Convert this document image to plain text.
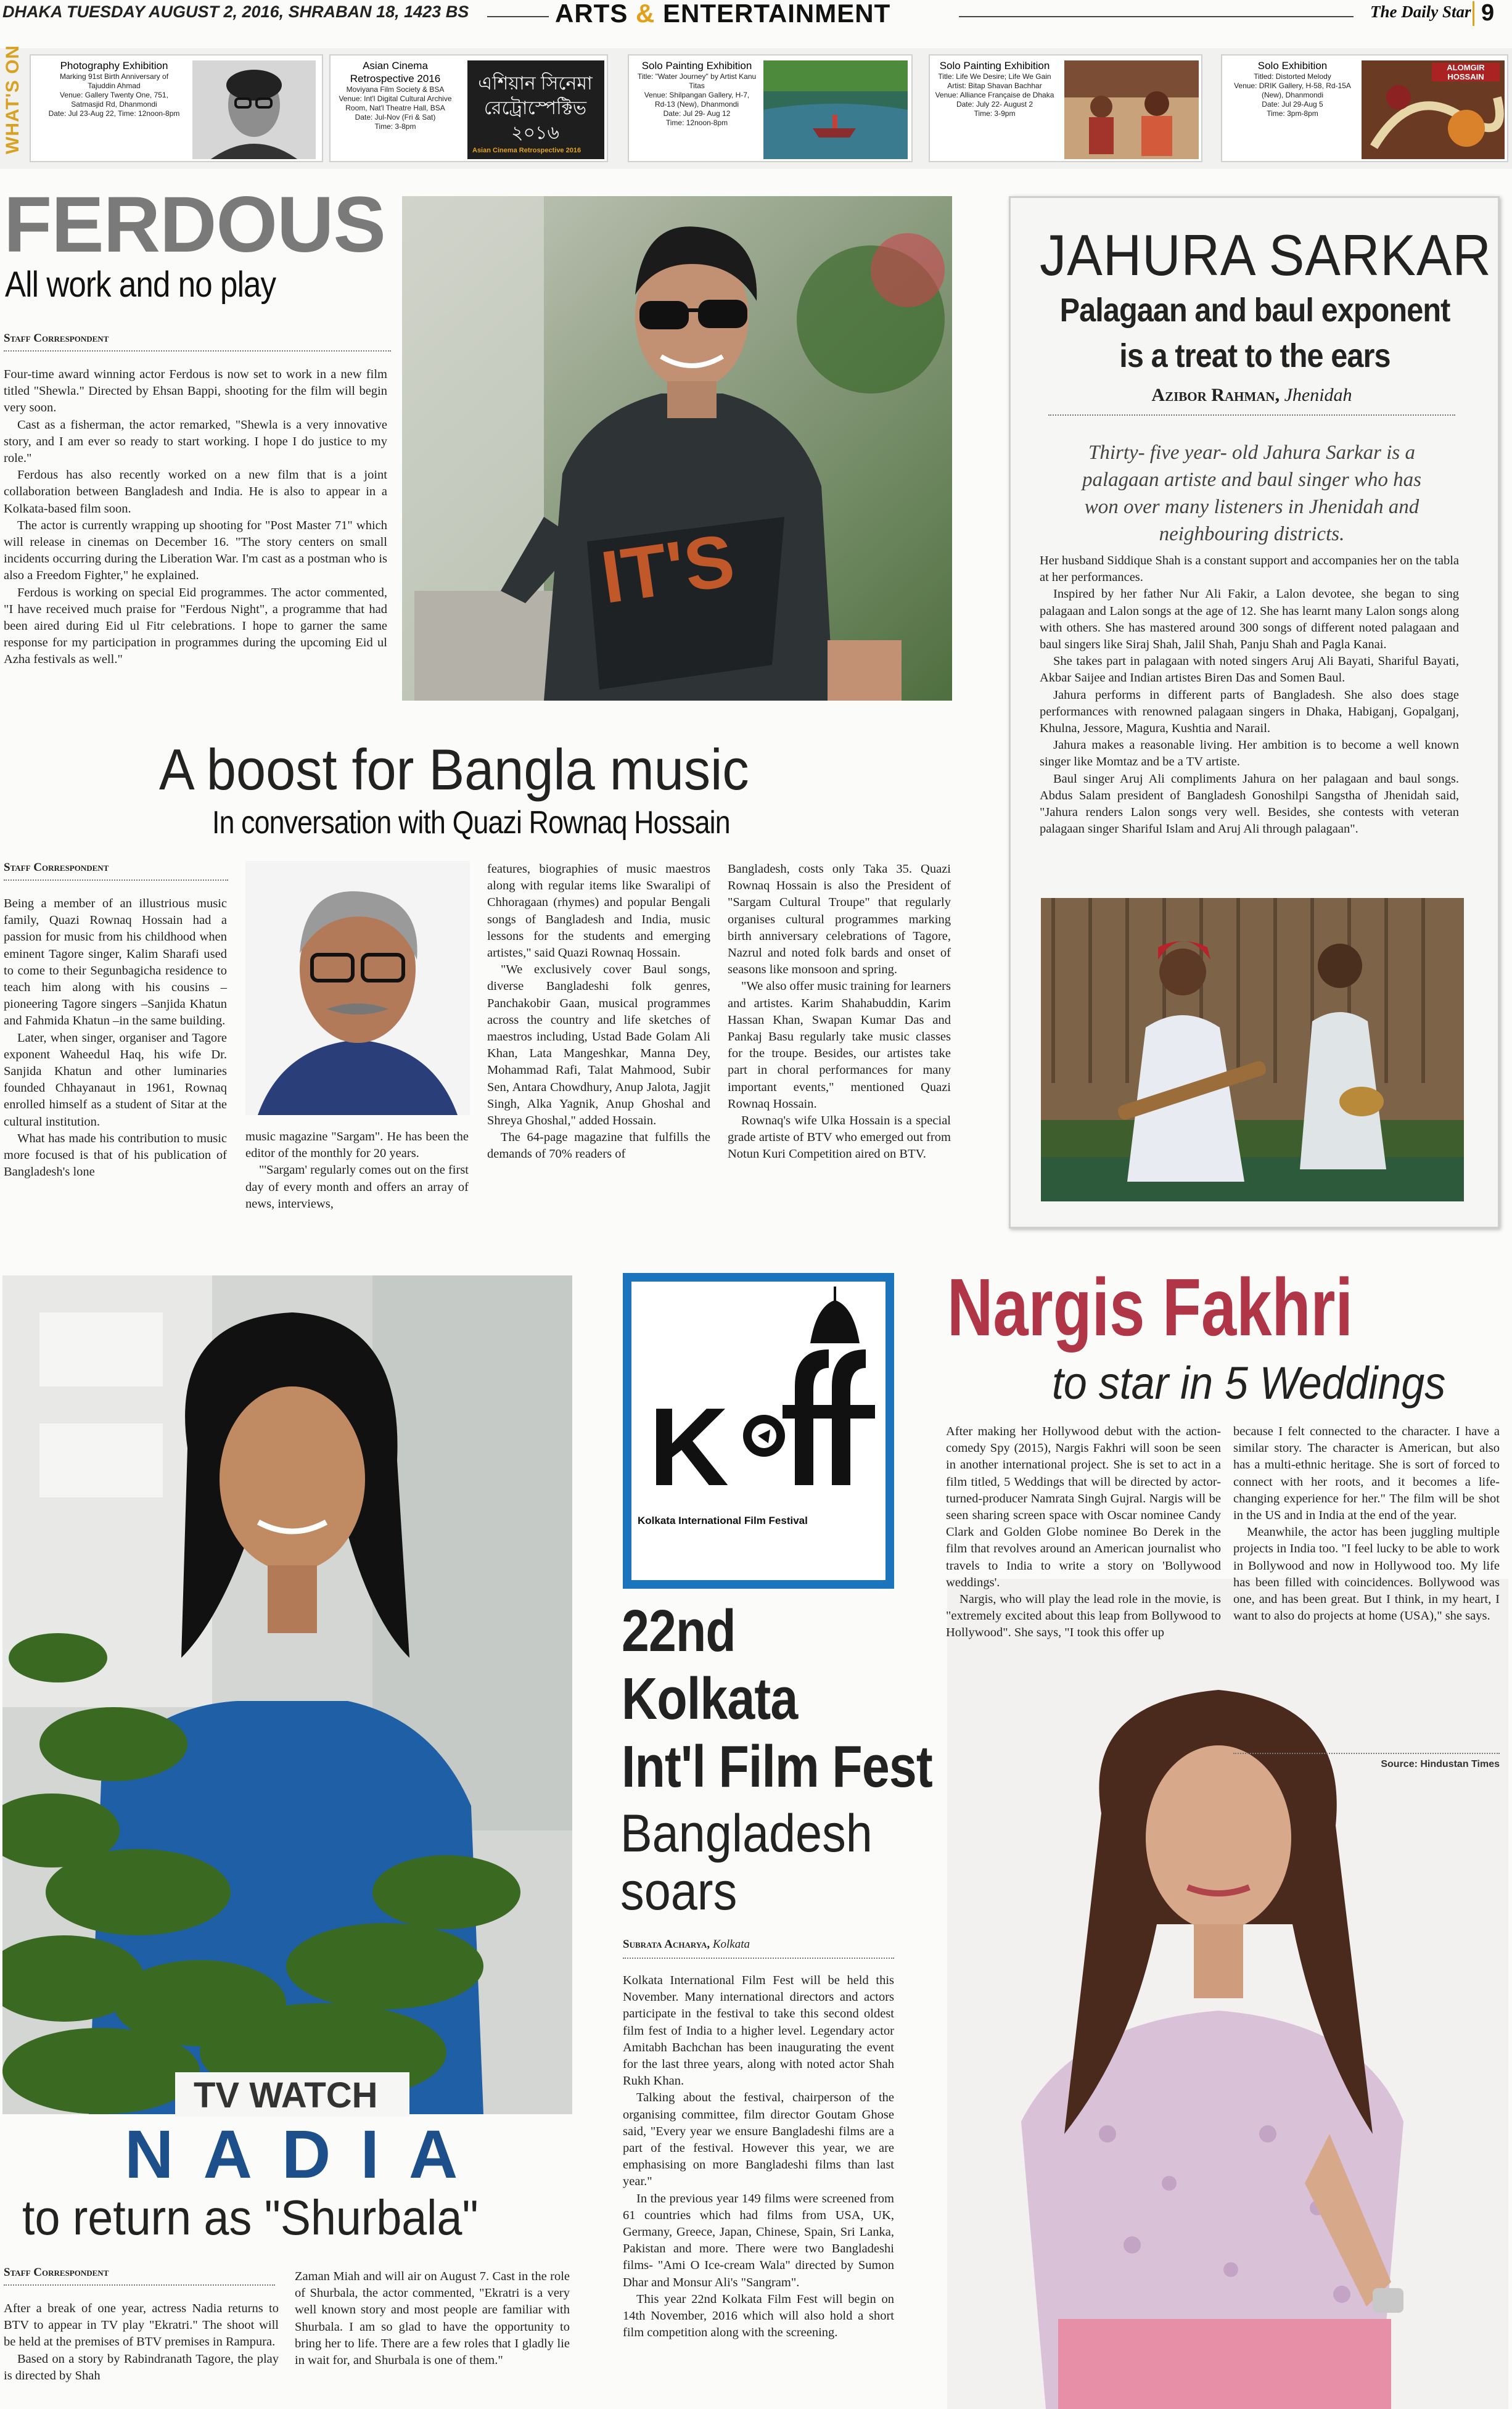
DHAKA TUESDAY AUGUST 2, 2016, SHRABAN 18, 1423 BS	ARTS & ENTERTAINMENT	The Daily Star 9
WHAT'S ON	Photography Exhibition
Marking 91st Birth Anniversary of
Tajuddin Ahmad
Venue: Gallery Twenty One, 751,
Satmasjid Rd, Dhanmondi
Date: Jul 23-Aug 22, Time: 12noon-8pm
Asian Cinema Retrospective 2016
Moviyana Film Society & BSA
Venue: Int'l Digital Cultural Archive
Room, Nat'l Theatre Hall, BSA
Date: Jul-Nov (Fri & Sat)
Time: 3-8pm
এশিয়ান সিনেমা রেট্রোস্পেক্টিভ ২০১৬
Asian Cinema Retrospective 2016
Solo Painting Exhibition
Title: "Water Journey" by Artist Kanu
Titas
Venue: Shilpangan Gallery, H-7,
Rd-13 (New), Dhanmondi
Date: Jul 29- Aug 12
Time: 12noon-8pm
Solo Painting Exhibition
Title: Life We Desire; Life We Gain
Artist: Bitap Shavan Bachhar
Venue: Alliance Française de Dhaka
Date: July 22- August 2
Time: 3-9pm
Solo Exhibition
Titled: Distorted Melody
Venue: DRIK Gallery, H-58, Rd-15A
(New), Dhanmondi
Date: Jul 29-Aug 5
Time: 3pm-8pm
ALOMGIR HOSSAIN
FERDOUS
All work and no play
Staff Correspondent

Four-time award winning actor Ferdous is now set to work in a new film titled "Shewla." Directed by Ehsan Bappi, shooting for the film will begin very soon.

Cast as a fisherman, the actor remarked, "Shewla is a very innovative story, and I am ever so ready to start working. I hope I do justice to my role."

Ferdous has also recently worked on a new film that is a joint collaboration between Bangladesh and India. He is also to appear in a Kolkata-based film soon.

The actor is currently wrapping up shooting for "Post Master 71" which will release in cinemas on December 16. "The story centers on small incidents occurring during the Liberation War. I'm cast as a postman who is also a Freedom Fighter," he explained.

Ferdous is working on special Eid programmes. The actor commented, "I have received much praise for "Ferdous Night", a programme that had been aired during Eid ul Fitr celebrations. I hope to garner the same response for my participation in programmes during the upcoming Eid ul Azha festivals as well."

IT'S
JAHURA SARKAR
Palagaan and baul exponent is a treat to the ears
Azibor Rahman, Jhenidah
Thirty- five year- old Jahura Sarkar is a palagaan artiste and baul singer who has won over many listeners in Jhenidah and neighbouring districts.

Her husband Siddique Shah is a constant support and accompanies her on the tabla at her performances.

Inspired by her father Nur Ali Fakir, a Lalon devotee, she began to sing palagaan and Lalon songs at the age of 12. She has learnt many Lalon songs along with others. She has mastered around 300 songs of different noted palagaan and baul singers like Siraj Shah, Jalil Shah, Panju Shah and Pagla Kanai.

She takes part in palagaan with noted singers Aruj Ali Bayati, Shariful Bayati, Akbar Saijee and Indian artistes Biren Das and Somen Baul.

Jahura performs in different parts of Bangladesh. She also does stage performances with renowned palagaan singers in Dhaka, Habiganj, Gopalganj, Khulna, Jessore, Magura, Kushtia and Narail.

Jahura makes a reasonable living. Her ambition is to become a well known singer like Momtaz and be a TV artiste.

Baul singer Aruj Ali compliments Jahura on her palagaan and baul songs. Abdus Salam president of Bangladesh Gonoshilpi Sangstha of Jhenidah said, "Jahura renders Lalon songs very well. Besides, she contests with veteran palagaan singer Shariful Islam and Aruj Ali through palagaan".

A boost for Bangla music
In conversation with Quazi Rownaq Hossain
Staff Correspondent

Being a member of an illustrious music family, Quazi Rownaq Hossain had a passion for music from his childhood when eminent Tagore singer, Kalim Sharafi used to come to their Segunbagicha residence to teach him along with his cousins –pioneering Tagore singers –Sanjida Khatun and Fahmida Khatun –in the same building.

Later, when singer, organiser and Tagore exponent Waheedul Haq, his wife Dr. Sanjida Khatun and other luminaries founded Chhayanaut in 1961, Rownaq enrolled himself as a student of Sitar at the cultural institution.

What has made his contribution to music more focused is that of his publication of Bangladesh's lone

music magazine "Sargam". He has been the editor of the monthly for 20 years.

"'Sargam' regularly comes out on the first day of every month and offers an array of news, interviews,

features, biographies of music maestros along with regular items like Swaralipi of Chhoragaan (rhymes) and popular Bengali songs of Bangladesh and India, music lessons for the students and emerging artistes," said Quazi Rownaq Hossain.

"We exclusively cover Baul songs, diverse Bangladeshi folk genres, Panchakobir Gaan, musical programmes across the country and life sketches of maestros including, Ustad Bade Golam Ali Khan, Lata Mangeshkar, Manna Dey, Mohammad Rafi, Talat Mahmood, Subir Sen, Antara Chowdhury, Anup Jalota, Jagjit Singh, Alka Yagnik, Anup Ghoshal and Shreya Ghoshal," added Hossain.

The 64-page magazine that fulfills the demands of 70% readers of

Bangladesh, costs only Taka 35. Quazi Rownaq Hossain is also the President of "Sargam Cultural Troupe" that regularly organises cultural programmes marking birth anniversary celebrations of Tagore, Nazrul and noted folk bards and onset of seasons like monsoon and spring.

"We also offer music training for learners and artistes. Karim Shahabuddin, Karim Hassan Khan, Swapan Kumar Das and Pankaj Basu regularly take music classes for the troupe. Besides, our artistes take part in choral performances for many important events," mentioned Quazi Rownaq Hossain.

Rownaq's wife Ulka Hossain is a special grade artiste of BTV who emerged out from Notun Kuri Competition aired on BTV.

TV WATCH
NADIA
to return as "Shurbala"
Staff Correspondent

After a break of one year, actress Nadia returns to BTV to appear in TV play "Ekratri." The shoot will be held at the premises of BTV premises in Rampura.

Based on a story by Rabindranath Tagore, the play is directed by Shah

Zaman Miah and will air on August 7. Cast in the role of Shurbala, the actor commented, "Ekratri is a very well known story and most people are familiar with Shurbala. I am so glad to have the opportunity to bring her to life. There are a few roles that I gladly lie in wait for, and Shurbala is one of them."

K
Kolkata International Film Festival
22nd
Kolkata
Int'l Film Fest
Bangladesh
soars
Subrata Acharya, Kolkata

Kolkata International Film Fest will be held this November. Many international directors and actors participate in the festival to take this second oldest film fest of India to a higher level. Legendary actor Amitabh Bachchan has been inaugurating the event for the last three years, along with noted actor Shah Rukh Khan.

Talking about the festival, chairperson of the organising committee, film director Goutam Ghose said, "Every year we ensure Bangladeshi films are a part of the festival. However this year, we are emphasising on more Bangladeshi films than last year."

In the previous year 149 films were screened from 61 countries which had films from USA, UK, Germany, Greece, Japan, Chinese, Spain, Sri Lanka, Pakistan and more. There were two Bangladeshi films- "Ami O Ice-cream Wala" directed by Sumon Dhar and Monsur Ali's "Sangram".

This year 22nd Kolkata Film Fest will begin on 14th November, 2016 which will also hold a short film competition along with the screening.

Nargis Fakhri
to star in 5 Weddings

After making her Hollywood debut with the action-comedy Spy (2015), Nargis Fakhri will soon be seen in another international project. She is set to act in a film titled, 5 Weddings that will be directed by actor-turned-producer Namrata Singh Gujral. Nargis will be seen sharing screen space with Oscar nominee Candy Clark and Golden Globe nominee Bo Derek in the film that revolves around an American journalist who travels to India to write a story on 'Bollywood weddings'.

Nargis, who will play the lead role in the movie, is "extremely excited about this leap from Bollywood to Hollywood". She says, "I took this offer up

because I felt connected to the character. I have a similar story. The character is American, but also has a multi-ethnic heritage. She is sort of forced to connect with her roots, and it becomes a life-changing experience for her." The film will be shot in the US and in India at the end of the year.

Meanwhile, the actor has been juggling multiple projects in India too. "I feel lucky to be able to work in Bollywood and now in Hollywood too. My life has been filled with coincidences. Bollywood was one, and has been great. But I think, in my heart, I want to also do projects at home (USA)," she says.

Source: Hindustan Times
